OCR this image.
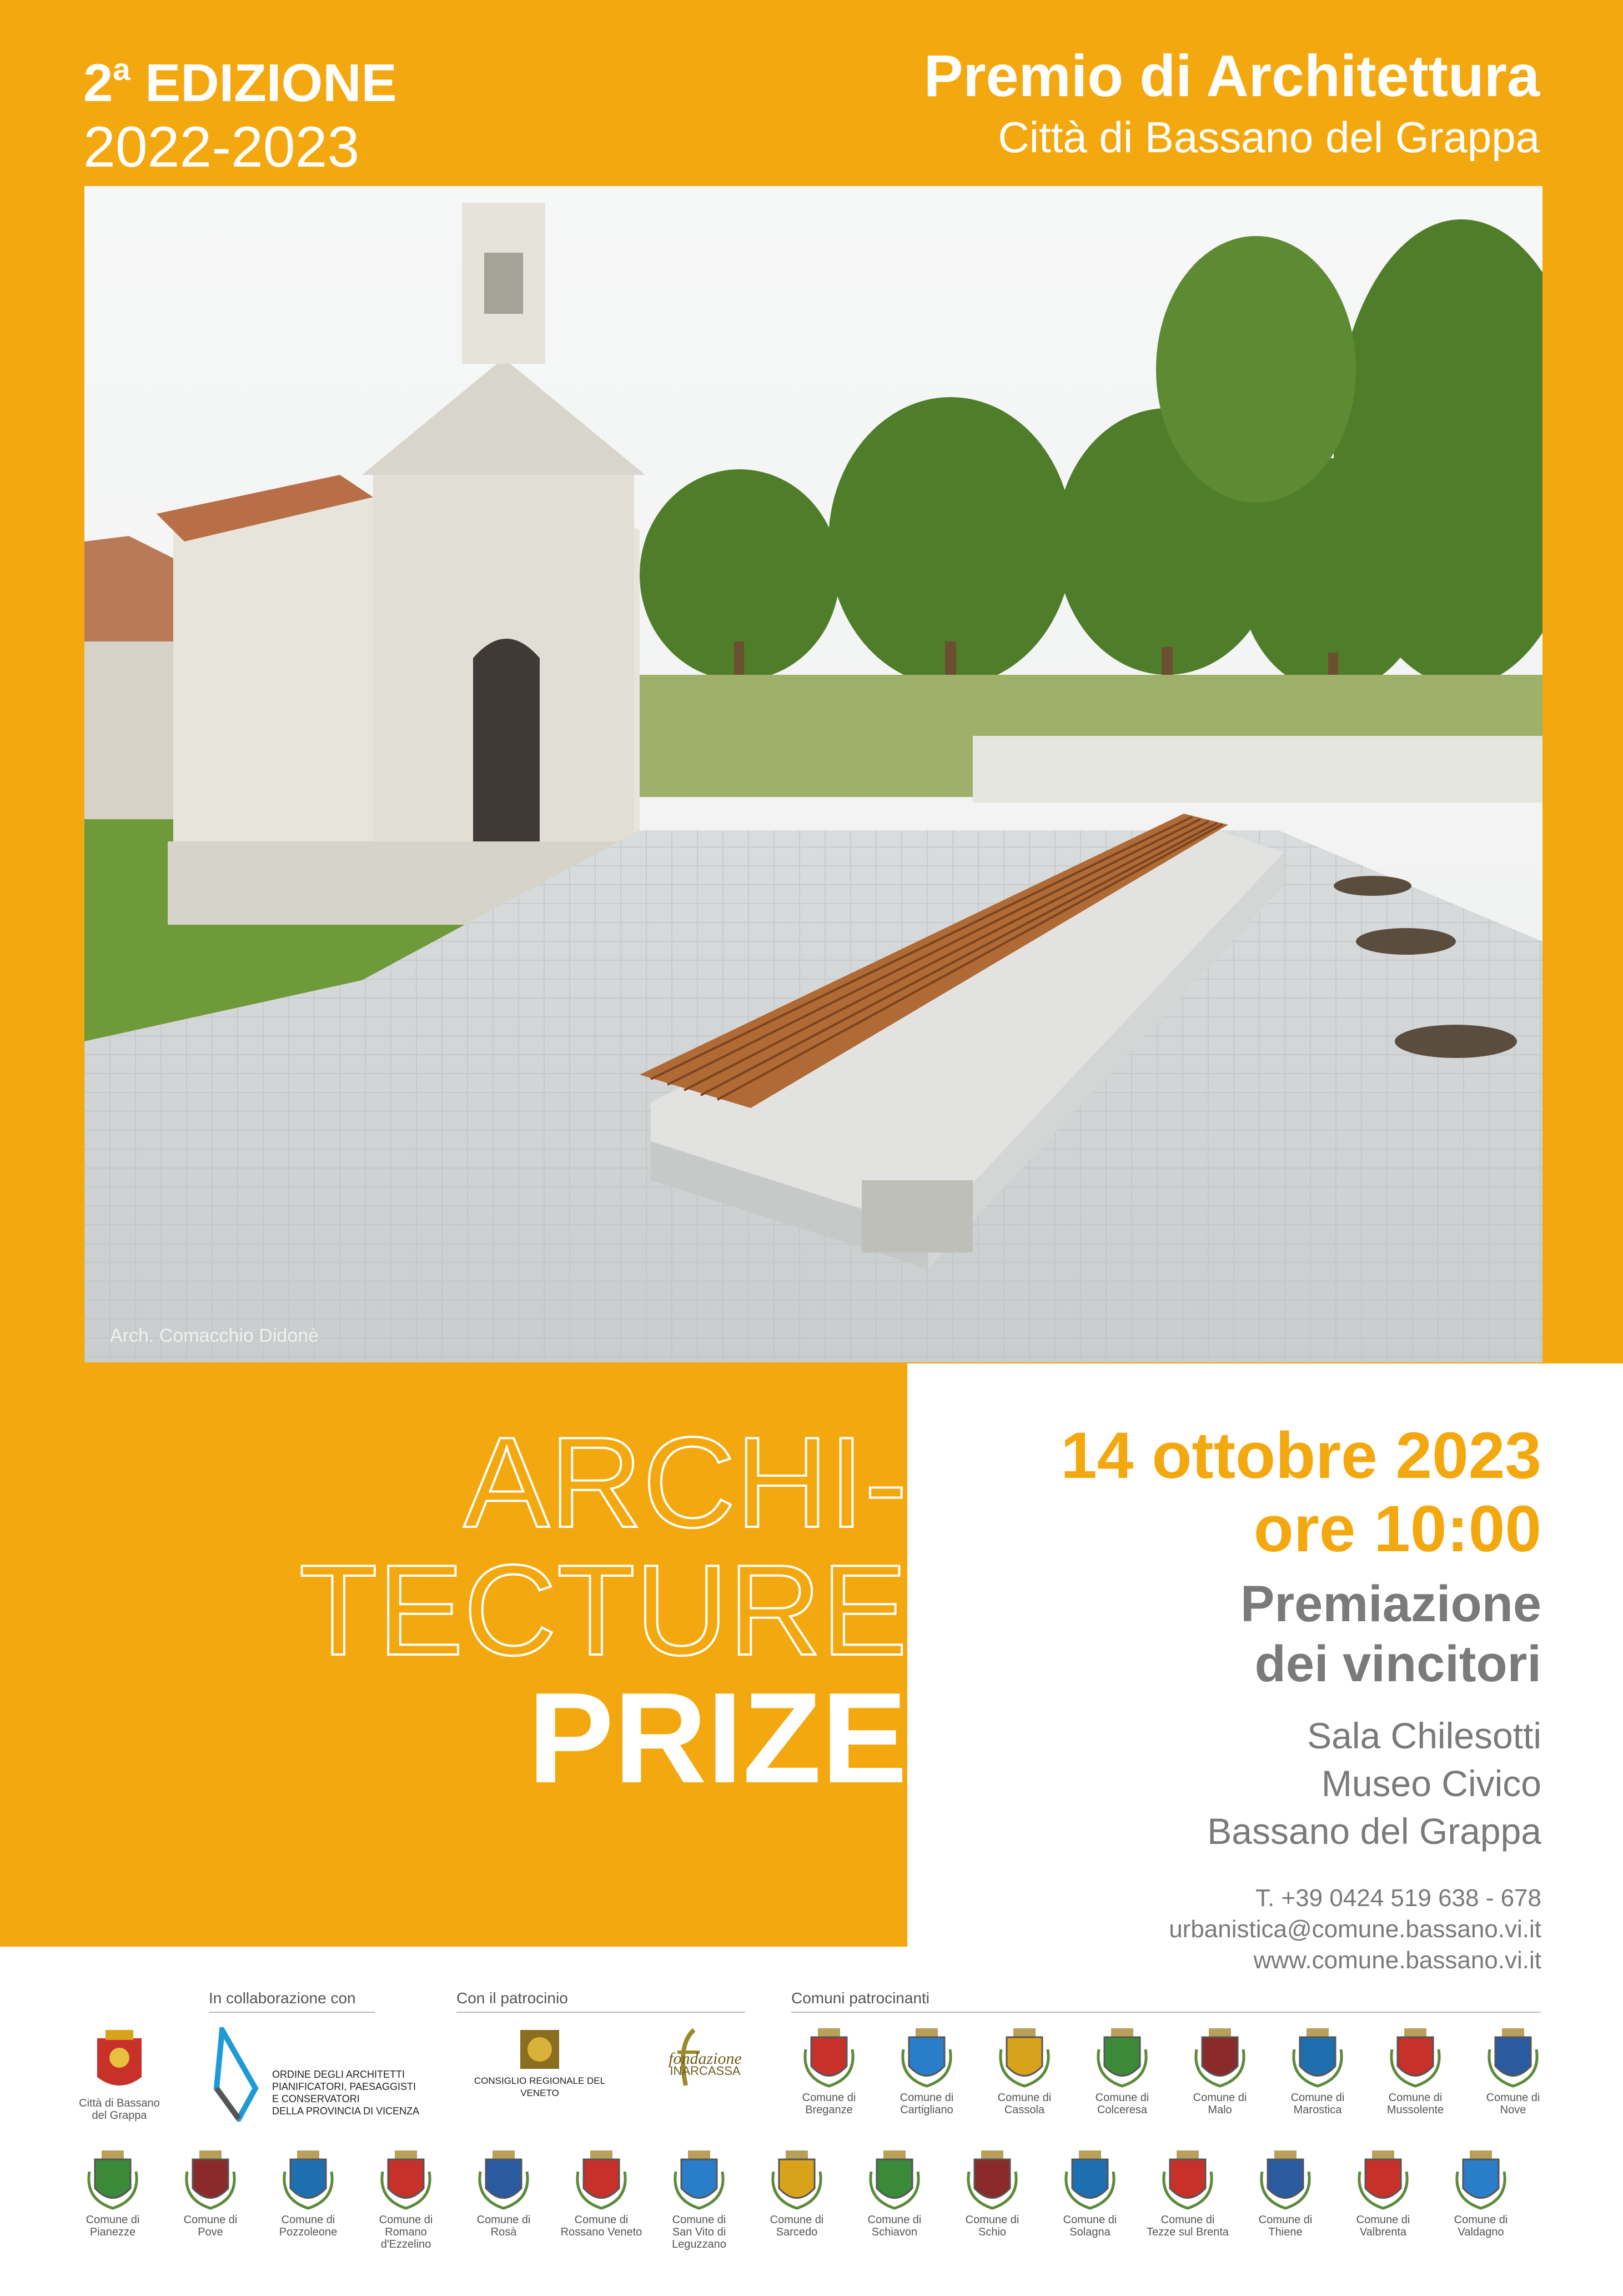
2$^a$ EDIZIONE
2022-2023
Premio di Architettura
Città di Bassano del Grappa
Arch. Comacchio Didonè
ARCHI-
TECTURE
PRIZE
14 ottobre 2023
ore 10:00
Premiazione
dei vincitori
Sala Chilesotti
Museo Civico
Bassano del Grappa
T. +39 0424 519 638 - 678
urbanistica@comune.bassano.vi.it
www.comune.bassano.vi.it
In collaborazione con	Con il patrocinio	Comuni patrocinanti
Città di Bassano
del Grappa
ORDINE DEGLI ARCHITETTI
PIANIFICATORI, PAESAGGISTI
E CONSERVATORI
DELLA PROVINCIA DI VICENZA
CONSIGLIO REGIONALE DEL VENETO
fondazione
INARCASSA
Comune di
Breganze
Comune di
Cartigliano
Comune di
Cassola
Comune di
Colceresa
Comune di
Malo
Comune di
Marostica
Comune di
Mussolente
Comune di
Nove
Comune di
Pianezze
Comune di
Pove
Comune di
Pozzoleone
Comune di
Romano d'Ezzelino
Comune di
Rosà
Comune di
Rossano Veneto
Comune di
San Vito di Leguzzano
Comune di
Sarcedo
Comune di
Schiavon
Comune di
Schio
Comune di
Solagna
Comune di
Tezze sul Brenta
Comune di
Thiene
Comune di
Valbrenta
Comune di
Valdagno
